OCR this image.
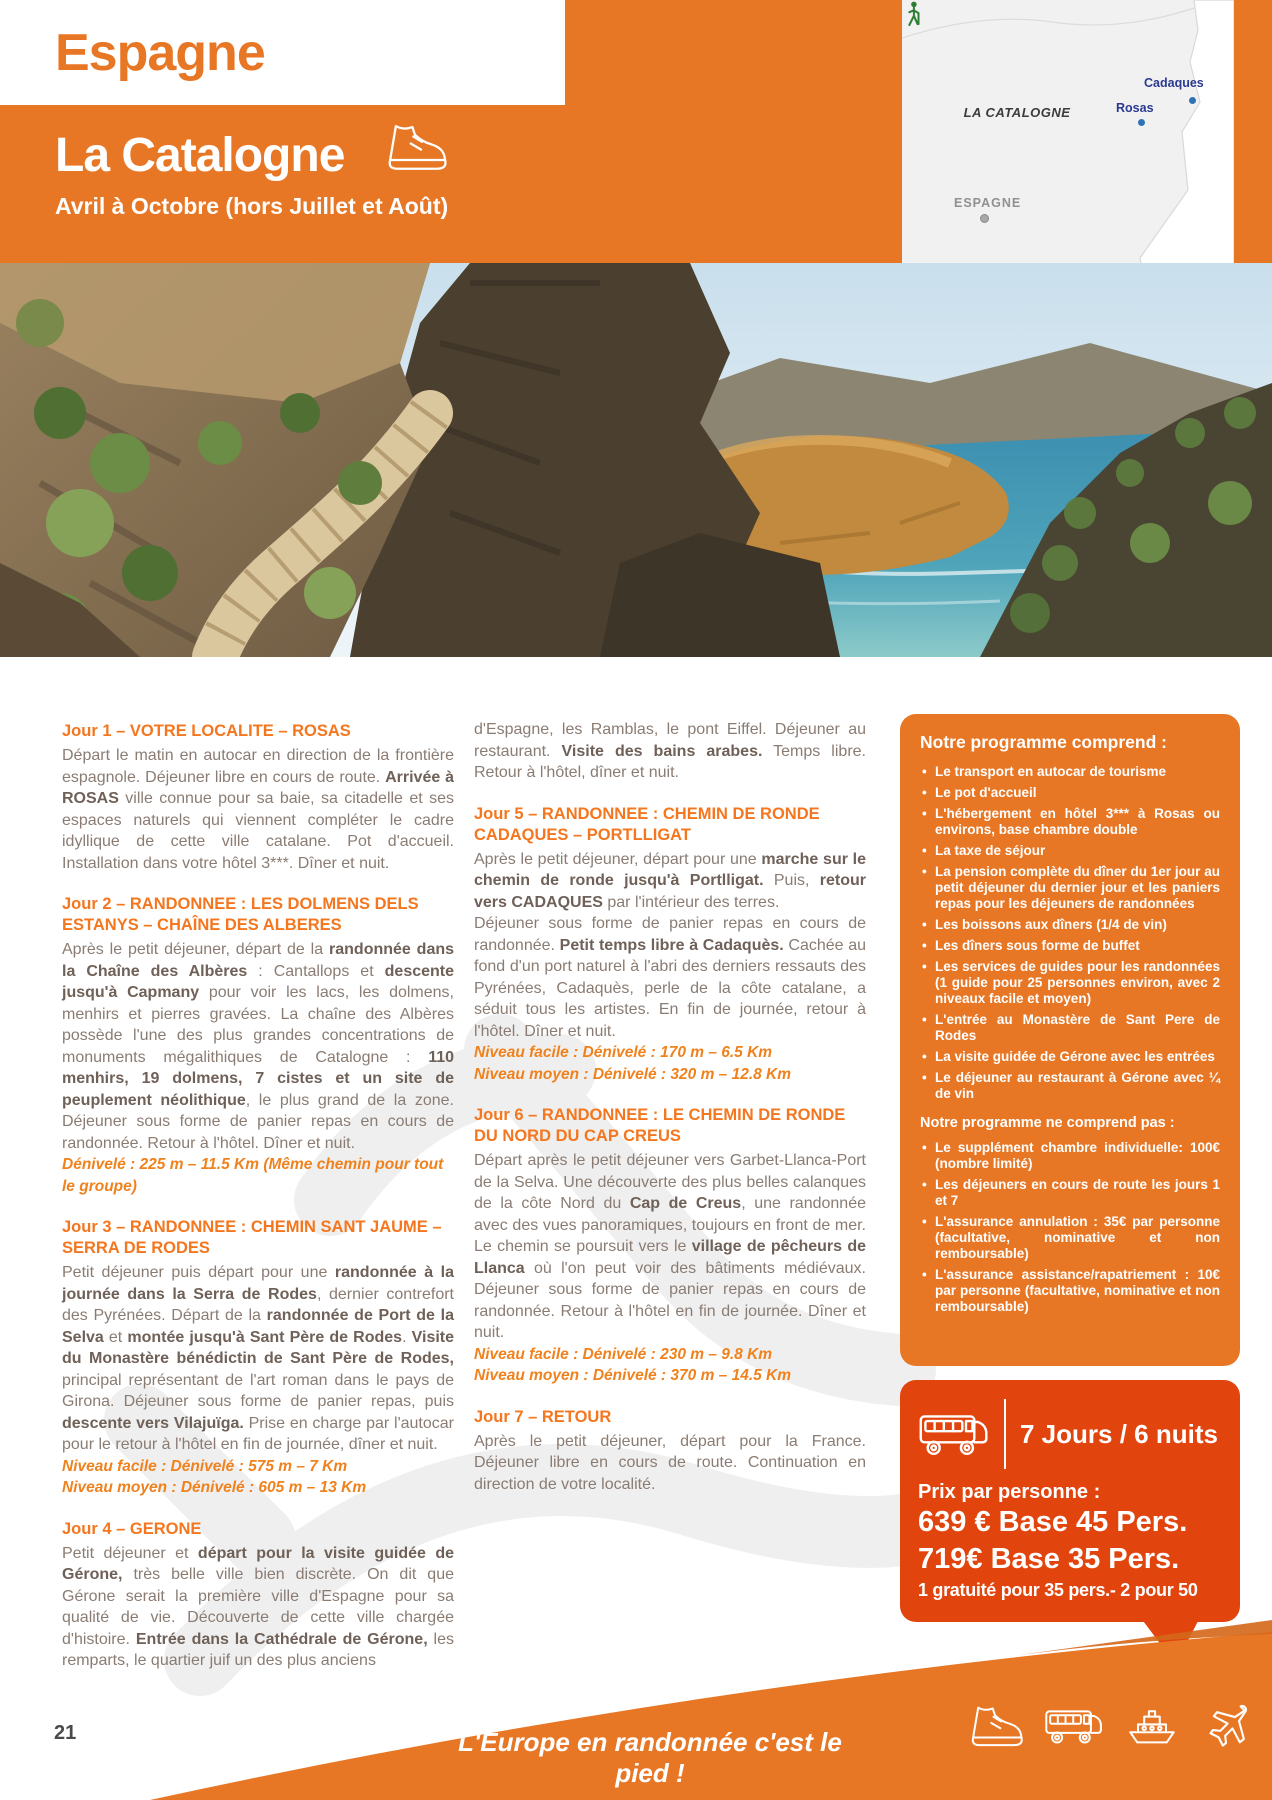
Espagne
La Catalogne
Avril à Octobre (hors Juillet et Août)
LA CATALOGNE
Cadaques
Rosas
ESPAGNE
Jour 1 – VOTRE LOCALITE – ROSAS

Départ le matin en autocar en direction de la frontière espagnole. Déjeuner libre en cours de route. Arrivée à ROSAS ville connue pour sa baie, sa citadelle et ses espaces naturels qui viennent compléter le cadre idyllique de cette ville catalane. Pot d'accueil. Installation dans votre hôtel 3***. Dîner et nuit.

Jour 2 – RANDONNEE : LES DOLMENS DELS ESTANYS – CHAÎNE DES ALBERES

Après le petit déjeuner, départ de la randonnée dans la Chaîne des Albères : Cantallops et descente jusqu'à Capmany pour voir les lacs, les dolmens, menhirs et pierres gravées. La chaîne des Albères possède l'une des plus grandes concentrations de monuments mégalithiques de Catalogne : 110 menhirs, 19 dolmens, 7 cistes et un site de peuplement néolithique, le plus grand de la zone. Déjeuner sous forme de panier repas en cours de randonnée. Retour à l'hôtel. Dîner et nuit.

Dénivelé : 225 m – 11.5 Km (Même chemin pour tout le groupe)
Jour 3 – RANDONNEE : CHEMIN SANT JAUME – SERRA DE RODES

Petit déjeuner puis départ pour une randonnée à la journée dans la Serra de Rodes, dernier contrefort des Pyrénées. Départ de la randonnée de Port de la Selva et montée jusqu'à Sant Père de Rodes. Visite du Monastère bénédictin de Sant Père de Rodes, principal représentant de l'art roman dans le pays de Girona. Déjeuner sous forme de panier repas, puis descente vers Vilajuïga. Prise en charge par l'autocar pour le retour à l'hôtel en fin de journée, dîner et nuit.

Niveau facile : Dénivelé : 575 m – 7 Km
Niveau moyen : Dénivelé : 605 m – 13 Km
Jour 4 – GERONE

Petit déjeuner et départ pour la visite guidée de Gérone, très belle ville bien discrète. On dit que Gérone serait la première ville d'Espagne pour sa qualité de vie. Découverte de cette ville chargée d'histoire. Entrée dans la Cathédrale de Gérone, les remparts, le quartier juif un des plus anciens

d'Espagne, les Ramblas, le pont Eiffel. Déjeuner au restaurant. Visite des bains arabes. Temps libre. Retour à l'hôtel, dîner et nuit.

Jour 5 – RANDONNEE : CHEMIN DE RONDE CADAQUES – PORTLLIGAT

Après le petit déjeuner, départ pour une marche sur le chemin de ronde jusqu'à Portlligat. Puis, retour vers CADAQUES par l'intérieur des terres.

Déjeuner sous forme de panier repas en cours de randonnée. Petit temps libre à Cadaquès. Cachée au fond d'un port naturel à l'abri des derniers ressauts des Pyrénées, Cadaquès, perle de la côte catalane, a séduit tous les artistes. En fin de journée, retour à l'hôtel. Dîner et nuit.

Niveau facile : Dénivelé : 170 m – 6.5 Km
Niveau moyen : Dénivelé : 320 m – 12.8 Km
Jour 6 – RANDONNEE : LE CHEMIN DE RONDE DU NORD DU CAP CREUS

Départ après le petit déjeuner vers Garbet-Llanca-Port de la Selva. Une découverte des plus belles calanques de la côte Nord du Cap de Creus, une randonnée avec des vues panoramiques, toujours en front de mer. Le chemin se poursuit vers le village de pêcheurs de Llanca où l'on peut voir des bâtiments médiévaux. Déjeuner sous forme de panier repas en cours de randonnée. Retour à l'hôtel en fin de journée. Dîner et nuit.

Niveau facile : Dénivelé : 230 m – 9.8 Km
Niveau moyen : Dénivelé : 370 m – 14.5 Km
Jour 7 – RETOUR

Après le petit déjeuner, départ pour la France. Déjeuner libre en cours de route. Continuation en direction de votre localité.

Notre programme comprend :
• Le transport en autocar de tourisme
• Le pot d'accueil
• L'hébergement en hôtel 3*** à Rosas ou environs, base chambre double
• La taxe de séjour
• La pension complète du dîner du 1er jour au petit déjeuner du dernier jour et les paniers repas pour les déjeuners de randonnées
• Les boissons aux dîners (1/4 de vin)
• Les dîners sous forme de buffet
• Les services de guides pour les randonnées (1 guide pour 25 personnes environ, avec 2 niveaux facile et moyen)
• L'entrée au Monastère de Sant Pere de Rodes
• La visite guidée de Gérone avec les entrées
• Le déjeuner au restaurant à Gérone avec ¼ de vin
Notre programme ne comprend pas :
• Le supplément chambre individuelle: 100€ (nombre limité)
• Les déjeuners en cours de route les jours 1 et 7
• L'assurance annulation : 35€ par personne (facultative, nominative et non remboursable)
• L'assurance assistance/rapatriement : 10€ par personne (facultative, nominative et non remboursable)
7 Jours / 6 nuits
Prix par personne :
639 € Base 45 Pers.
719€ Base 35 Pers.
1 gratuité pour 35 pers.- 2 pour 50
21	L'Europe en randonnée c'est le pied !
